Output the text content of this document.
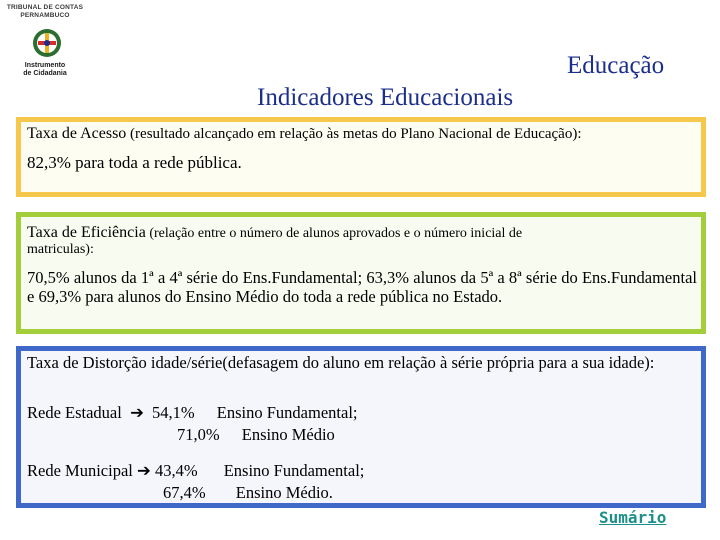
TRIBUNAL DE CONTAS
PERNAMBUCO
Instrumento
de Cidadania	Educação
Indicadores Educacionais
Taxa de Acesso (resultado alcançado em relação às metas do Plano Nacional de Educação):
82,3% para toda a rede pública.
Taxa de Eficiência (relação entre o número de alunos aprovados e o número inicial de
matriculas):
70,5% alunos da 1ª a 4ª série do Ens.Fundamental; 63,3% alunos da 5ª a 8ª série do Ens.Fundamental e 69,3% para alunos do Ensino Médio do toda a rede pública no Estado.
Taxa de Distorção idade/série(defasagem do aluno em relação à série própria para a sua idade):
Rede Estadual ➔ 54,1% Ensino Fundamental;
71,0% Ensino Médio
Rede Municipal ➔ 43,4% Ensino Fundamental;
67,4% Ensino Médio.
Sumário
